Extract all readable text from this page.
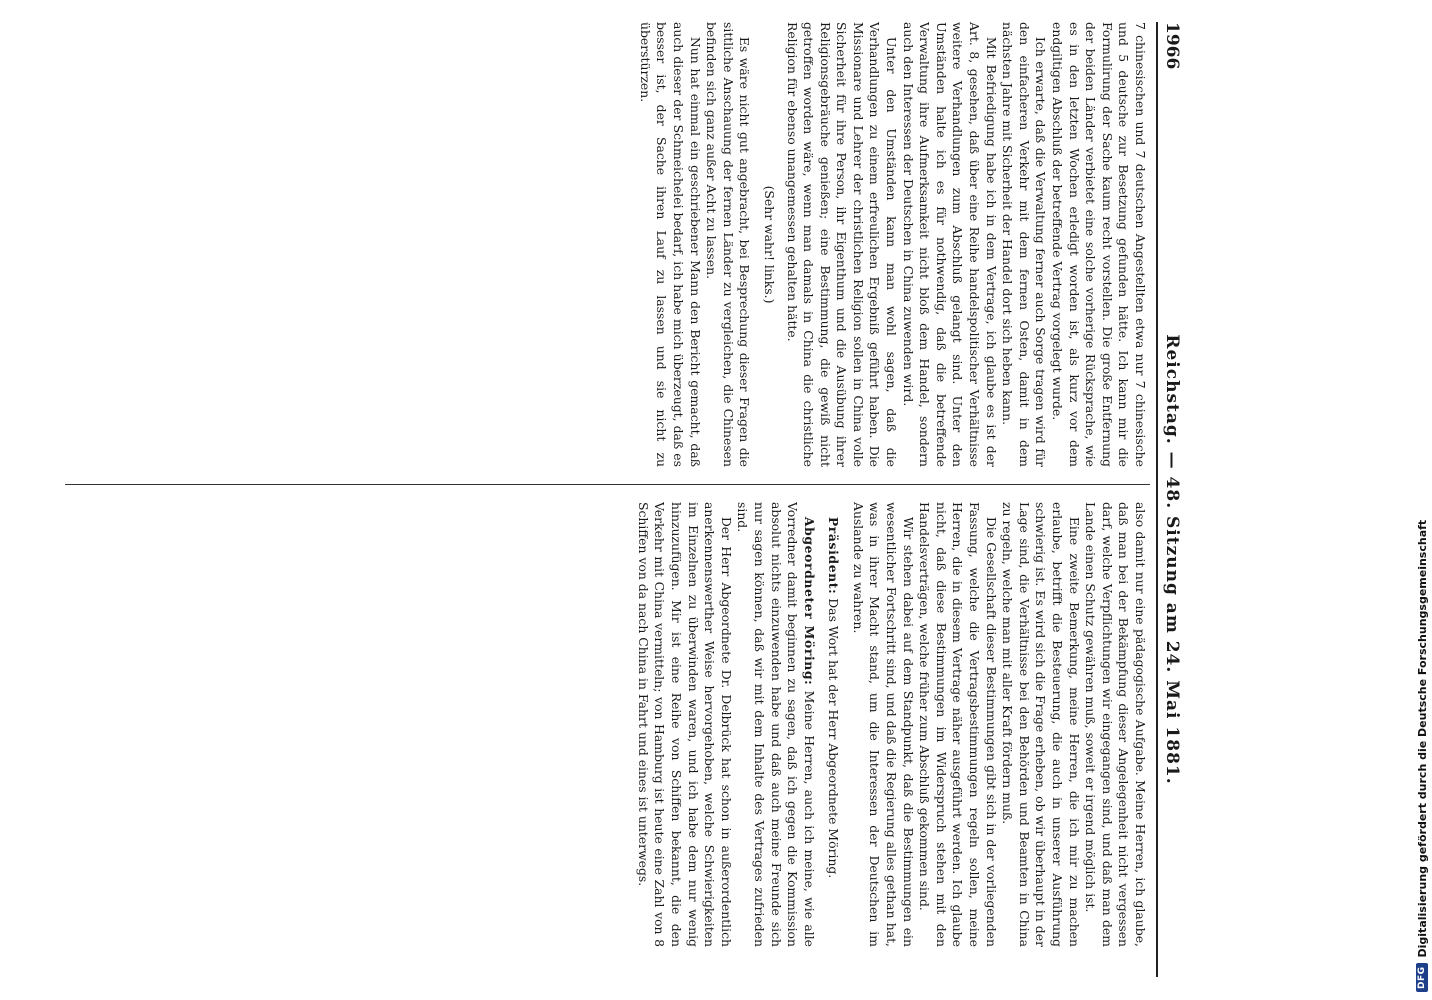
1966
Reichstag. — 48. Sitzung am 24. Mai 1881.

7 chinesischen und 7 deutschen Angestellten etwa nur 7 chinesische und 5 deutsche zur Besetzung gefunden hätte. Ich kann mir die Formulirung der Sache kaum recht vorstellen. Die große Entfernung der beiden Länder verbietet eine solche vorherige Rücksprache, wie es in den letzten Wochen erledigt worden ist, als kurz vor dem endgiltigen Abschluß der betreffende Vertrag vorgelegt wurde.

Ich erwarte, daß die Verwaltung ferner auch Sorge tragen wird für den einfacheren Verkehr mit dem fernen Osten, damit in dem nächsten Jahre mit Sicherheit der Handel dort sich heben kann.

Mit Befriedigung habe ich in dem Vertrage, ich glaube es ist der Art. 8, gesehen, daß über eine Reihe handelspolitischer Verhältnisse weitere Verhandlungen zum Abschluß gelangt sind. Unter den Umständen halte ich es für nothwendig, daß die betreffende Verwaltung ihre Aufmerksamkeit nicht bloß dem Handel, sondern auch den Interessen der Deutschen in China zuwenden wird.

Unter den Umständen kann man wohl sagen, daß die Verhandlungen zu einem erfreulichen Ergebniß geführt haben. Die Missionare und Lehrer der christlichen Religion sollen in China volle Sicherheit für ihre Person, ihr Eigenthum und die Ausübung ihrer Religionsgebräuche genießen; eine Bestimmung, die gewiß nicht getroffen worden wäre, wenn man damals in China die christliche Religion für ebenso unangemessen gehalten hätte.

(Sehr wahr! links.)

Es wäre nicht gut angebracht, bei Besprechung dieser Fragen die sittliche Anschauung der fernen Länder zu vergleichen, die Chinesen befinden sich ganz außer Acht zu lassen.

Nun hat einmal ein geschriebener Mann den Bericht gemacht, daß auch dieser der Schmeichelei bedarf, ich habe mich überzeugt, daß es besser ist, der Sache ihren Lauf zu lassen und sie nicht zu überstürzen.

also damit nur eine pädagogische Aufgabe. Meine Herren, ich glaube, daß man bei der Bekämpfung dieser Angelegenheit nicht vergessen darf, welche Verpflichtungen wir eingegangen sind, und daß man dem Lande einen Schutz gewähren muß, soweit er irgend möglich ist.

Eine zweite Bemerkung, meine Herren, die ich mir zu machen erlaube, betrifft die Besteuerung, die auch in unserer Ausführung schwierig ist. Es wird sich die Frage erheben, ob wir überhaupt in der Lage sind, die Verhältnisse bei den Behörden und Beamten in China zu regeln, welche man mit aller Kraft fördern muß.

Die Gesellschaft dieser Bestimmungen gibt sich in der vorliegenden Fassung, welche die Vertragsbestimmungen regeln sollen, meine Herren, die in diesem Vertrage näher ausgeführt werden. Ich glaube nicht, daß diese Bestimmungen im Widerspruch stehen mit den Handelsverträgen, welche früher zum Abschluß gekommen sind.

Wir stehen dabei auf dem Standpunkt, daß die Bestimmungen ein wesentlicher Fortschritt sind, und daß die Regierung alles gethan hat, was in ihrer Macht stand, um die Interessen der Deutschen im Auslande zu wahren.

Präsident: Das Wort hat der Herr Abgeordnete Möring.

Abgeordneter Möring: Meine Herren, auch ich meine, wie alle Vorredner damit beginnen zu sagen, daß ich gegen die Kommission absolut nichts einzuwenden habe und daß auch meine Freunde sich nur sagen können, daß wir mit dem Inhalte des Vertrages zufrieden sind.

Der Herr Abgeordnete Dr. Delbrück hat schon in außerordentlich anerkennenswerther Weise hervorgehoben, welche Schwierigkeiten im Einzelnen zu überwinden waren, und ich habe dem nur wenig hinzuzufügen. Mir ist eine Reihe von Schiffen bekannt, die den Verkehr mit China vermitteln; von Hamburg ist heute eine Zahl von 8 Schiffen von da nach China in Fahrt und eines ist unterwegs.

DFG
Digitalisierung gefördert durch die Deutsche Forschungsgemeinschaft
